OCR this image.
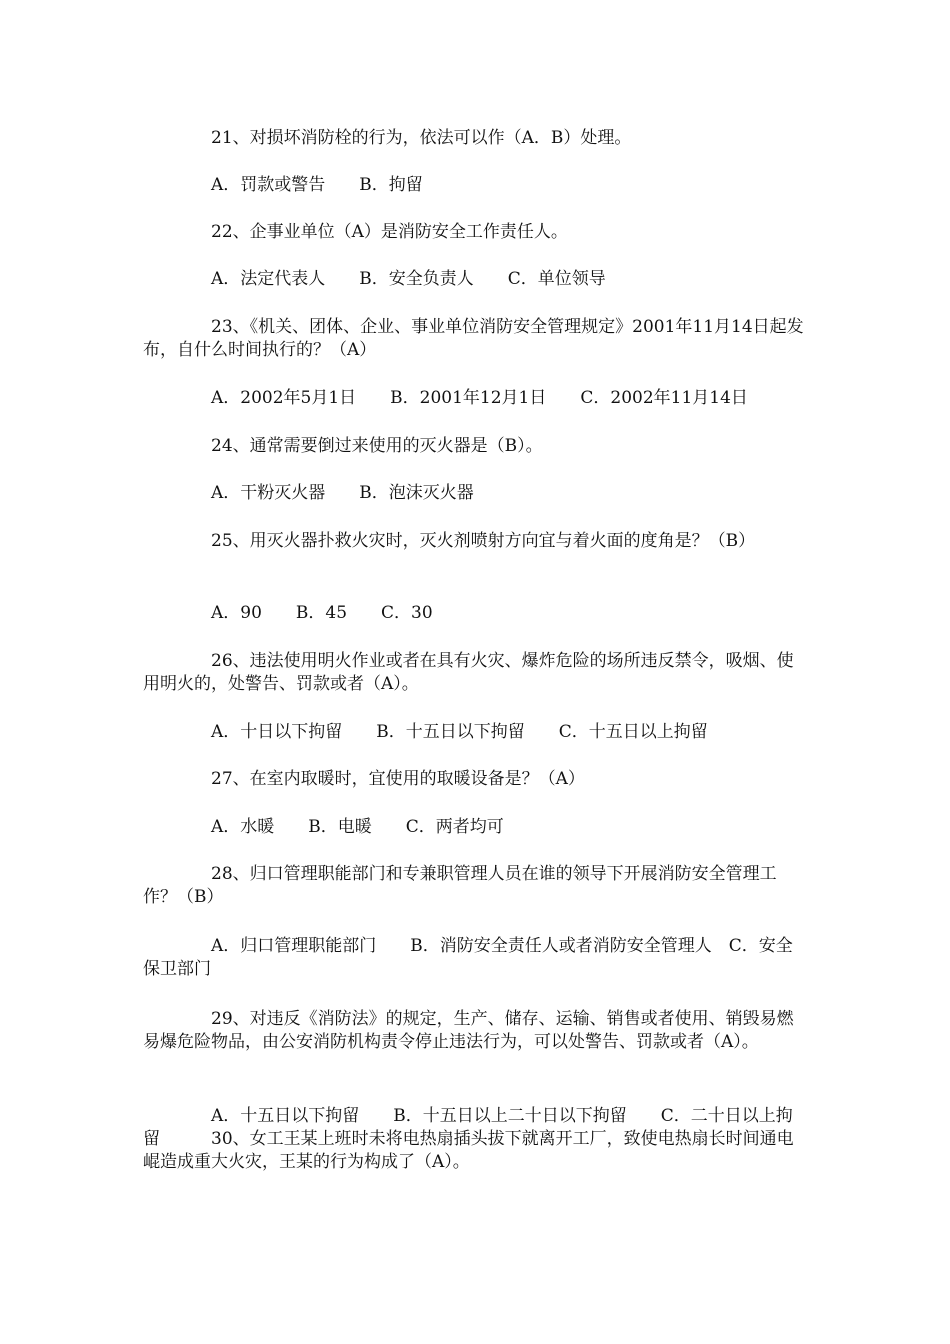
21、对损坏消防栓的行为，依法可以作（A．B）处理。

A．罚款或警告　　B．拘留

22、企事业单位（A）是消防安全工作责任人。

A．法定代表人　　B．安全负责人　　C．单位领导

23、《机关、团体、企业、事业单位消防安全管理规定》2001年11月14日起发布，自什么时间执行的？（A）

A．2002年5月1日　　B．2001年12月1日　　C．2002年11月14日

24、通常需要倒过来使用的灭火器是（B）。

A．干粉灭火器　　B．泡沫灭火器

25、用灭火器扑救火灾时，灭火剂喷射方向宜与着火面的度角是？（B）

A．90　　B．45　　C．30

26、违法使用明火作业或者在具有火灾、爆炸危险的场所违反禁令，吸烟、使用明火的，处警告、罚款或者（A）。

A．十日以下拘留　　B．十五日以下拘留　　C．十五日以上拘留

27、在室内取暖时，宜使用的取暖设备是？（A）

A．水暖　　B．电暖　　C．两者均可

28、归口管理职能部门和专兼职管理人员在谁的领导下开展消防安全管理工作？（B）

A．归口管理职能部门　　B．消防安全责任人或者消防安全管理人　C．安全保卫部门

29、对违反《消防法》的规定，生产、储存、运输、销售或者使用、销毁易燃易爆危险物品，由公安消防机构责令停止违法行为，可以处警告、罚款或者（A）。

A．十五日以下拘留　　B．十五日以上二十日以下拘留　　C．二十日以上拘留　　　30、女工王某上班时未将电热扇插头拔下就离开工厂，致使电热扇长时间通电崐造成重大火灾，王某的行为构成了（A）。
